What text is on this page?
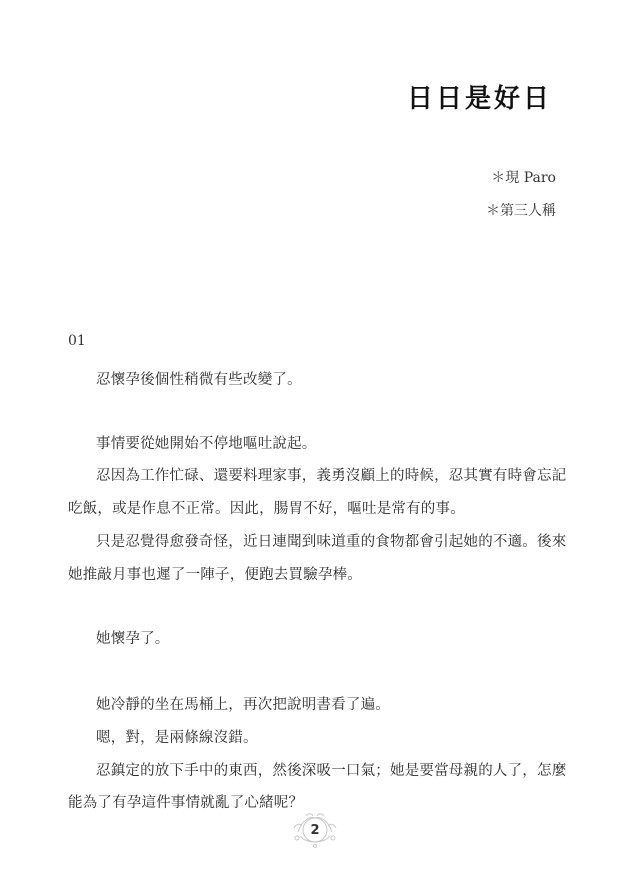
日日是好日
＊現 Paro
＊第三人稱
01
忍懷孕後個性稍微有些改變了。
事情要從她開始不停地嘔吐說起。
忍因為工作忙碌、還要料理家事，義勇沒顧上的時候，忍其實有時會忘記
吃飯，或是作息不正常。因此，腸胃不好，嘔吐是常有的事。
只是忍覺得愈發奇怪，近日連聞到味道重的食物都會引起她的不適。後來
她推敲月事也遲了一陣子，便跑去買驗孕棒。
她懷孕了。
她冷靜的坐在馬桶上，再次把說明書看了遍。
嗯，對，是兩條線沒錯。
忍鎮定的放下手中的東西，然後深吸一口氣；她是要當母親的人了，怎麼
能為了有孕這件事情就亂了心緒呢？
2
